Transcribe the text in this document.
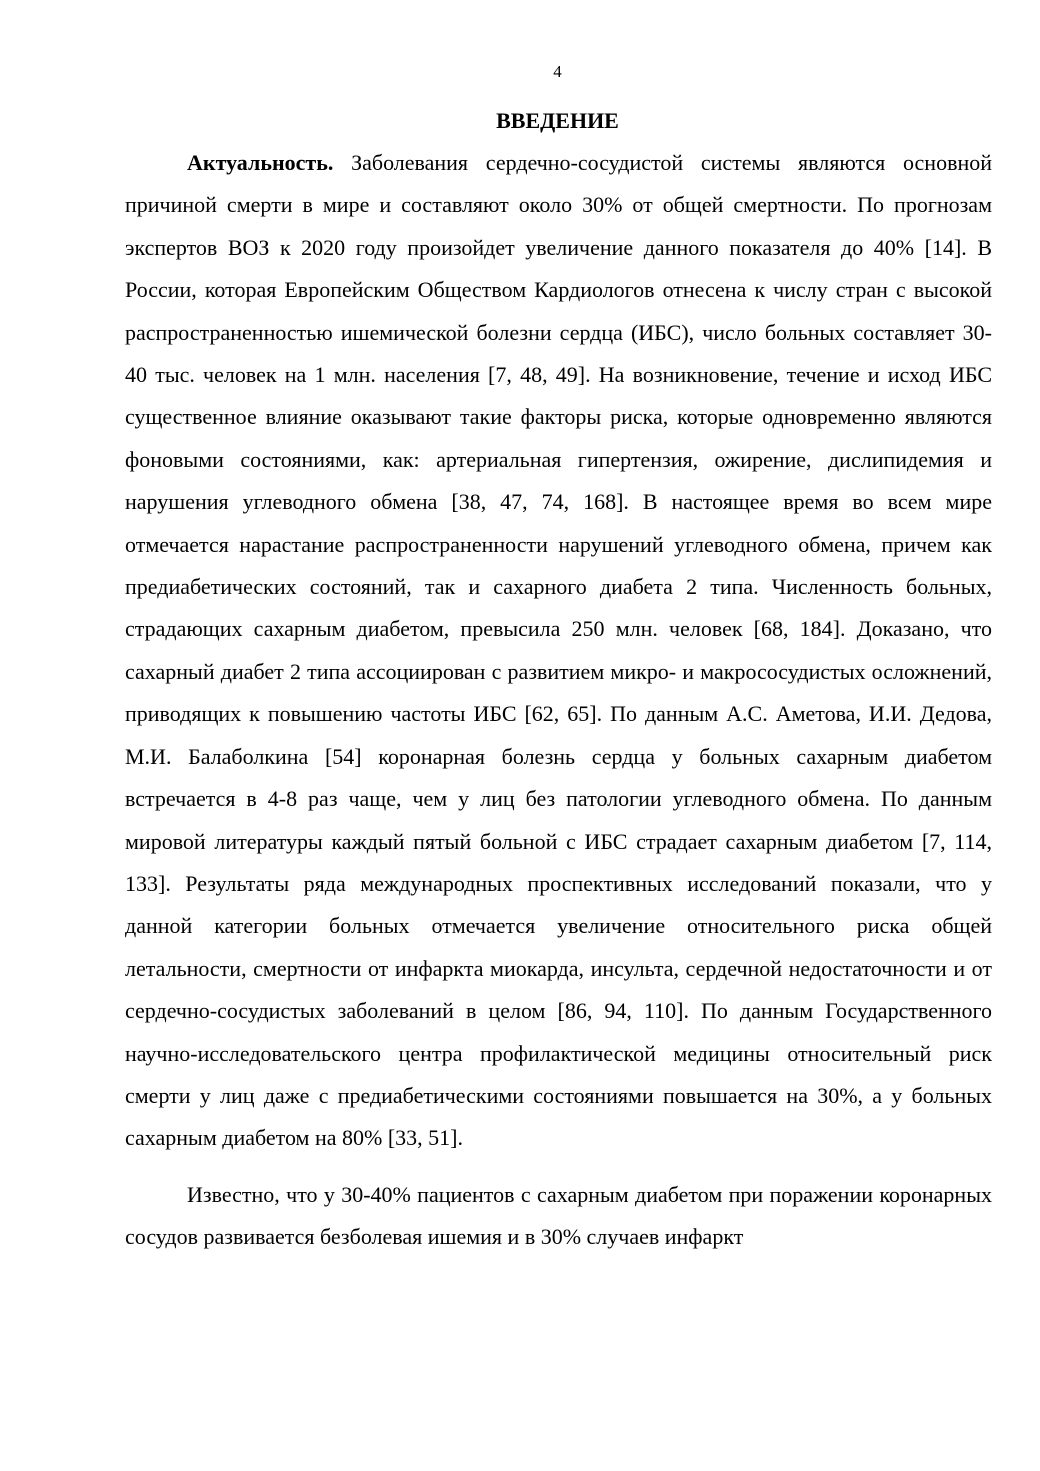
4
ВВЕДЕНИЕ

Актуальность. Заболевания сердечно-сосудистой системы являются основной причиной смерти в мире и составляют около 30% от общей смертности. По прогнозам экспертов ВОЗ к 2020 году произойдет увеличение данного показателя до 40% [14]. В России, которая Европейским Обществом Кардиологов отнесена к числу стран с высокой распространенностью ишемической болезни сердца (ИБС), число больных составляет 30-40 тыс. человек на 1 млн. населения [7, 48, 49]. На возникновение, течение и исход ИБС существенное влияние оказывают такие факторы риска, которые одновременно являются фоновыми состояниями, как: артериальная гипертензия, ожирение, дислипидемия и нарушения углеводного обмена [38, 47, 74, 168]. В настоящее время во всем мире отмечается нарастание распространенности нарушений углеводного обмена, причем как предиабетических состояний, так и сахарного диабета 2 типа. Численность больных, страдающих сахарным диабетом, превысила 250 млн. человек [68, 184]. Доказано, что сахарный диабет 2 типа ассоциирован с развитием микро- и макрососудистых осложнений, приводящих к повышению частоты ИБС [62, 65]. По данным А.С. Аметова, И.И. Дедова, М.И. Балаболкина [54] коронарная болезнь сердца у больных сахарным диабетом встречается в 4-8 раз чаще, чем у лиц без патологии углеводного обмена. По данным мировой литературы каждый пятый больной с ИБС страдает сахарным диабетом [7, 114, 133]. Результаты ряда международных проспективных исследований показали, что у данной категории больных отмечается увеличение относительного риска общей летальности, смертности от инфаркта миокарда, инсульта, сердечной недостаточности и от сердечно-сосудистых заболеваний в целом [86, 94, 110]. По данным Государственного научно-исследовательского центра профилактической медицины относительный риск смерти у лиц даже с предиабетическими состояниями повышается на 30%, а у больных сахарным диабетом на 80% [33, 51].

Известно, что у 30-40% пациентов с сахарным диабетом при поражении коронарных сосудов развивается безболевая ишемия и в 30% случаев инфаркт
